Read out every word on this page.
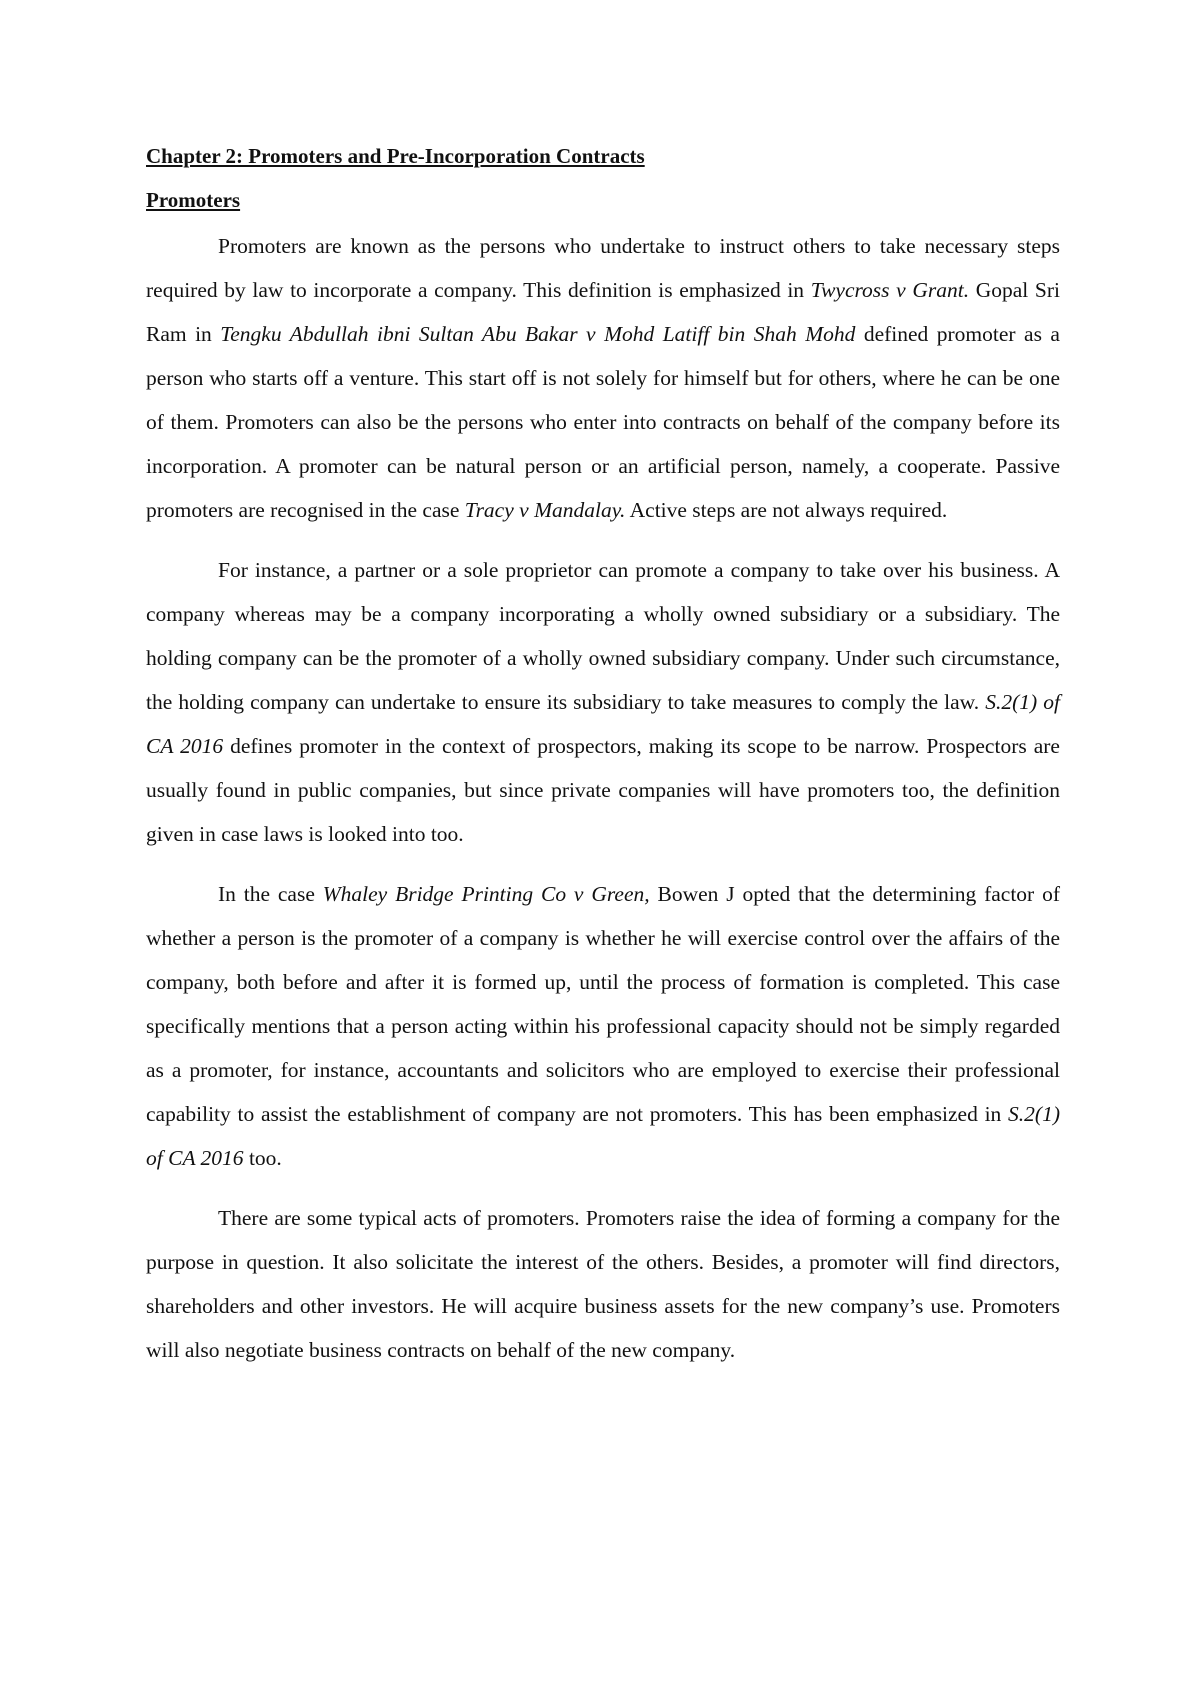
Chapter 2: Promoters and Pre-Incorporation Contracts
Promoters

Promoters are known as the persons who undertake to instruct others to take necessary steps required by law to incorporate a company. This definition is emphasized in Twycross v Grant. Gopal Sri Ram in Tengku Abdullah ibni Sultan Abu Bakar v Mohd Latiff bin Shah Mohd defined promoter as a person who starts off a venture. This start off is not solely for himself but for others, where he can be one of them. Promoters can also be the persons who enter into contracts on behalf of the company before its incorporation. A promoter can be natural person or an artificial person, namely, a cooperate. Passive promoters are recognised in the case Tracy v Mandalay. Active steps are not always required.

For instance, a partner or a sole proprietor can promote a company to take over his business. A company whereas may be a company incorporating a wholly owned subsidiary or a subsidiary. The holding company can be the promoter of a wholly owned subsidiary company. Under such circumstance, the holding company can undertake to ensure its subsidiary to take measures to comply the law. S.2(1) of CA 2016 defines promoter in the context of prospectors, making its scope to be narrow. Prospectors are usually found in public companies, but since private companies will have promoters too, the definition given in case laws is looked into too.

In the case Whaley Bridge Printing Co v Green, Bowen J opted that the determining factor of whether a person is the promoter of a company is whether he will exercise control over the affairs of the company, both before and after it is formed up, until the process of formation is completed. This case specifically mentions that a person acting within his professional capacity should not be simply regarded as a promoter, for instance, accountants and solicitors who are employed to exercise their professional capability to assist the establishment of company are not promoters. This has been emphasized in S.2(1) of CA 2016 too.

There are some typical acts of promoters. Promoters raise the idea of forming a company for the purpose in question. It also solicitate the interest of the others. Besides, a promoter will find directors, shareholders and other investors. He will acquire business assets for the new company’s use. Promoters will also negotiate business contracts on behalf of the new company.
